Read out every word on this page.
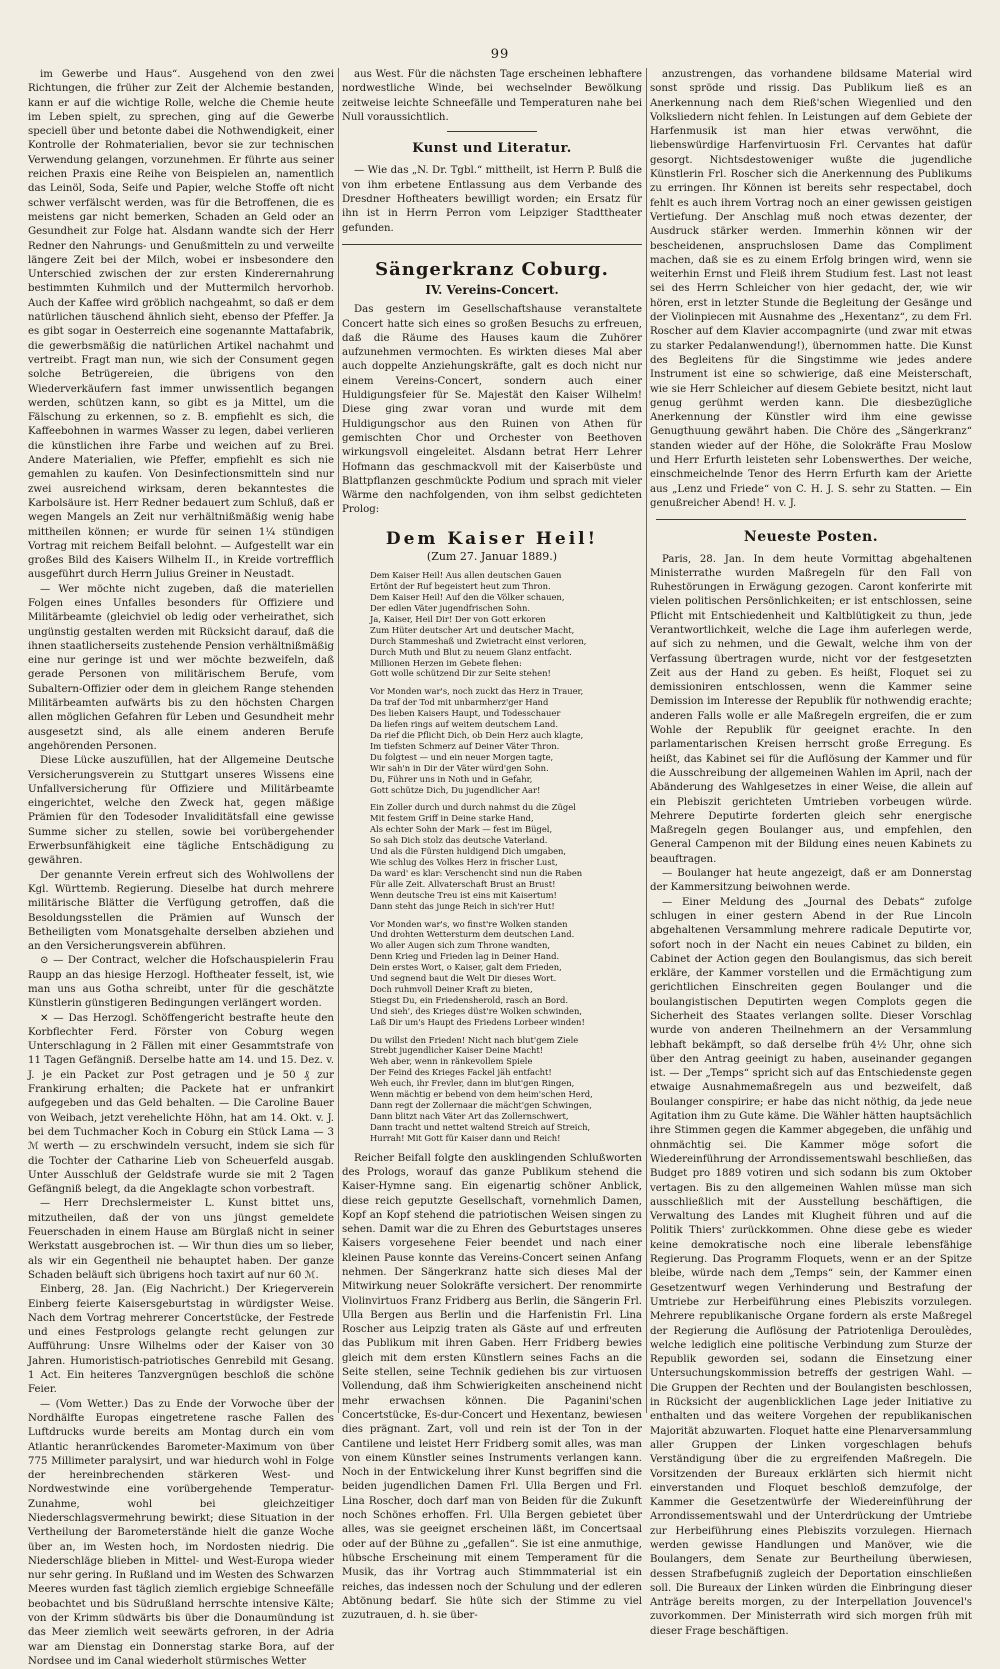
99

im Gewerbe und Haus“. Ausgehend von den zwei Richtungen, die früher zur Zeit der Alchemie bestanden, kann er auf die wichtige Rolle, welche die Chemie heute im Leben spielt, zu sprechen, ging auf die Gewerbe speciell über und betonte dabei die Nothwendigkeit, einer Kontrolle der Rohmaterialien, bevor sie zur technischen Verwendung gelangen, vorzunehmen. Er führte aus seiner reichen Praxis eine Reihe von Beispielen an, namentlich das Leinöl, Soda, Seife und Papier, welche Stoffe oft nicht schwer verfälscht werden, was für die Betroffenen, die es meistens gar nicht bemerken, Schaden an Geld oder an Gesundheit zur Folge hat. Alsdann wandte sich der Herr Redner den Nahrungs- und Genußmitteln zu und verweilte längere Zeit bei der Milch, wobei er insbesondere den Unterschied zwischen der zur ersten Kinderernahrung bestimmten Kuhmilch und der Muttermilch hervorhob. Auch der Kaffee wird gröblich nachgeahmt, so daß er dem natürlichen täuschend ähnlich sieht, ebenso der Pfeffer. Ja es gibt sogar in Oesterreich eine sogenannte Mattafabrik, die gewerbsmäßig die natürlichen Artikel nachahmt und vertreibt. Fragt man nun, wie sich der Consument gegen solche Betrügereien, die übrigens von den Wiederverkäufern fast immer unwissentlich begangen werden, schützen kann, so gibt es ja Mittel, um die Fälschung zu erkennen, so z. B. empfiehlt es sich, die Kaffeebohnen in warmes Wasser zu legen, dabei verlieren die künstlichen ihre Farbe und weichen auf zu Brei. Andere Materialien, wie Pfeffer, empfiehlt es sich nie gemahlen zu kaufen. Von Desinfectionsmitteln sind nur zwei ausreichend wirksam, deren bekanntestes die Karbolsäure ist. Herr Redner bedauert zum Schluß, daß er wegen Mangels an Zeit nur verhältnißmäßig wenig habe mittheilen können; er wurde für seinen 1¼ stündigen Vortrag mit reichem Beifall belohnt. — Aufgestellt war ein großes Bild des Kaisers Wilhelm II., in Kreide vortrefflich ausgeführt durch Herrn Julius Greiner in Neustadt.

— Wer möchte nicht zugeben, daß die materiellen Folgen eines Unfalles besonders für Offiziere und Militärbeamte (gleichviel ob ledig oder verheirathet, sich ungünstig gestalten werden mit Rücksicht darauf, daß die ihnen staatlicherseits zustehende Pension verhältnißmäßig eine nur geringe ist und wer möchte bezweifeln, daß gerade Personen von militärischem Berufe, vom Subaltern-Offizier oder dem in gleichem Range stehenden Militärbeamten aufwärts bis zu den höchsten Chargen allen möglichen Gefahren für Leben und Gesundheit mehr ausgesetzt sind, als alle einem anderen Berufe angehörenden Personen.

Diese Lücke auszufüllen, hat der Allgemeine Deutsche Versicherungsverein zu Stuttgart unseres Wissens eine Unfallversicherung für Offiziere und Militärbeamte eingerichtet, welche den Zweck hat, gegen mäßige Prämien für den Todesoder Invaliditätsfall eine gewisse Summe sicher zu stellen, sowie bei vorübergehender Erwerbsunfähigkeit eine tägliche Entschädigung zu gewähren.

Der genannte Verein erfreut sich des Wohlwollens der Kgl. Württemb. Regierung. Dieselbe hat durch mehrere militärische Blätter die Verfügung getroffen, daß die Besoldungsstellen die Prämien auf Wunsch der Betheiligten vom Monatsgehalte derselben abziehen und an den Versicherungsverein abführen.

⊙ — Der Contract, welcher die Hofschauspielerin Frau Raupp an das hiesige Herzogl. Hoftheater fesselt, ist, wie man uns aus Gotha schreibt, unter für die geschätzte Künstlerin günstigeren Bedingungen verlängert worden.

✕ — Das Herzogl. Schöffengericht bestrafte heute den Korbflechter Ferd. Förster von Coburg wegen Unterschlagung in 2 Fällen mit einer Gesammtstrafe von 11 Tagen Gefängniß. Derselbe hatte am 14. und 15. Dez. v. J. je ein Packet zur Post getragen und je 50 ₰ zur Frankirung erhalten; die Packete hat er unfrankirt aufgegeben und das Geld behalten. — Die Caroline Bauer von Weibach, jetzt verehelichte Höhn, hat am 14. Okt. v. J. bei dem Tuchmacher Koch in Coburg ein Stück Lama — 3 ℳ werth — zu erschwindeln versucht, indem sie sich für die Tochter der Catharine Lieb von Scheuerfeld ausgab. Unter Ausschluß der Geldstrafe wurde sie mit 2 Tagen Gefängniß belegt, da die Angeklagte schon vorbestraft.

— Herr Drechslermeister L. Kunst bittet uns, mitzutheilen, daß der von uns jüngst gemeldete Feuerschaden in einem Hause am Bürglaß nicht in seiner Werkstatt ausgebrochen ist. — Wir thun dies um so lieber, als wir ein Gegentheil nie behauptet haben. Der ganze Schaden beläuft sich übrigens hoch taxirt auf nur 60 ℳ.

Einberg, 28. Jan. (Eig Nachricht.) Der Kriegerverein Einberg feierte Kaisersgeburtstag in würdigster Weise. Nach dem Vortrag mehrerer Concertstücke, der Festrede und eines Festprologs gelangte recht gelungen zur Aufführung: Unsre Wilhelms oder der Kaiser von 30 Jahren. Humoristisch-patriotisches Genrebild mit Gesang. 1 Act. Ein heiteres Tanzvergnügen beschloß die schöne Feier.

— (Vom Wetter.) Das zu Ende der Vorwoche über der Nordhälfte Europas eingetretene rasche Fallen des Luftdrucks wurde bereits am Montag durch ein vom Atlantic heranrückendes Barometer-Maximum von über 775 Millimeter paralysirt, und war hiedurch wohl in Folge der hereinbrechenden stärkeren West- und Nordwestwinde eine vorübergehende Temperatur-Zunahme, wohl bei gleichzeitiger Niederschlagsvermehrung bewirkt; diese Situation in der Vertheilung der Barometerstände hielt die ganze Woche über an, im Westen hoch, im Nordosten niedrig. Die Niederschläge blieben in Mittel- und West-Europa wieder nur sehr gering. In Rußland und im Westen des Schwarzen Meeres wurden fast täglich ziemlich ergiebige Schneefälle beobachtet und bis Südrußland herrschte intensive Kälte; von der Krimm südwärts bis über die Donaumündung ist das Meer ziemlich weit seewärts gefroren, in der Adria war am Dienstag ein Donnerstag starke Bora, auf der Nordsee und im Canal wiederholt stürmisches Wetter

aus West. Für die nächsten Tage erscheinen lebhaftere nordwestliche Winde, bei wechselnder Bewölkung zeitweise leichte Schneefälle und Temperaturen nahe bei Null voraussichtlich.

Kunst und Literatur.

— Wie das „N. Dr. Tgbl.“ mittheilt, ist Herrn P. Bulß die von ihm erbetene Entlassung aus dem Verbande des Dresdner Hoftheaters bewilligt worden; ein Ersatz für ihn ist in Herrn Perron vom Leipziger Stadttheater gefunden.

Sängerkranz Coburg.
IV. Vereins-Concert.

Das gestern im Gesellschaftshause veranstaltete Concert hatte sich eines so großen Besuchs zu erfreuen, daß die Räume des Hauses kaum die Zuhörer aufzunehmen vermochten. Es wirkten dieses Mal aber auch doppelte Anziehungskräfte, galt es doch nicht nur einem Vereins-Concert, sondern auch einer Huldigungsfeier für Se. Majestät den Kaiser Wilhelm! Diese ging zwar voran und wurde mit dem Huldigungschor aus den Ruinen von Athen für gemischten Chor und Orchester von Beethoven wirkungsvoll eingeleitet. Alsdann betrat Herr Lehrer Hofmann das geschmackvoll mit der Kaiserbüste und Blattpflanzen geschmückte Podium und sprach mit vieler Wärme den nachfolgenden, von ihm selbst gedichteten Prolog:

Dem Kaiser Heil!
(Zum 27. Januar 1889.)
Dem Kaiser Heil! Aus allen deutschen Gauen
Ertönt der Ruf begeistert heut zum Thron.
Dem Kaiser Heil! Auf den die Völker schauen,
Der edlen Väter jugendfrischen Sohn.
Ja, Kaiser, Heil Dir! Der von Gott erkoren
Zum Hüter deutscher Art und deutscher Macht,
Durch Stammeshaß und Zwietracht einst verloren,
Durch Muth und Blut zu neuem Glanz entfacht.
Millionen Herzen im Gebete flehen:
Gott wolle schützend Dir zur Seite stehen!
Vor Monden war's, noch zuckt das Herz in Trauer,
Da traf der Tod mit unbarmherz'ger Hand
Des lieben Kaisers Haupt, und Todesschauer
Da liefen rings auf weitem deutschem Land.
Da rief die Pflicht Dich, ob Dein Herz auch klagte,
Im tiefsten Schmerz auf Deiner Väter Thron.
Du folgtest — und ein neuer Morgen tagte,
Wir sah'n in Dir der Väter würd'gen Sohn.
Du, Führer uns in Noth und in Gefahr,
Gott schütze Dich, Du jugendlicher Aar!
Ein Zoller durch und durch nahmst du die Zügel
Mit festem Griff in Deine starke Hand,
Als echter Sohn der Mark — fest im Bügel,
So sah Dich stolz das deutsche Vaterland.
Und als die Fürsten huldigend Dich umgaben,
Wie schlug des Volkes Herz in frischer Lust,
Da ward' es klar: Verschencht sind nun die Raben
Für alle Zeit. Allvaterschaft Brust an Brust!
Wenn deutsche Treu ist eins mit Kaisertum!
Dann steht das junge Reich in sich'rer Hut!
Vor Monden war's, wo finst're Wolken standen
Und drohten Wettersturm dem deutschen Land.
Wo aller Augen sich zum Throne wandten,
Denn Krieg und Frieden lag in Deiner Hand.
Dein erstes Wort, o Kaiser, galt dem Frieden,
Und segnend baut die Welt Dir dieses Wort.
Doch ruhmvoll Deiner Kraft zu bieten,
Stiegst Du, ein Friedensherold, rasch an Bord.
Und sieh', des Krieges düst're Wolken schwinden,
Laß Dir um's Haupt des Friedens Lorbeer winden!
Du willst den Frieden! Nicht nach blut'gem Ziele
Strebt jugendlicher Kaiser Deine Macht!
Weh aber, wenn in ränkevollem Spiele
Der Feind des Krieges Fackel jäh entfacht!
Weh euch, ihr Frevler, dann im blut'gen Ringen,
Wenn mächtig er bebend von dem heim'schen Herd,
Dann regt der Zollernaar die mächt'gen Schwingen,
Dann blitzt nach Väter Art das Zollernschwert,
Dann tracht und nettet waltend Streich auf Streich,
Hurrah! Mit Gott für Kaiser dann und Reich!

Reicher Beifall folgte den ausklingenden Schlußworten des Prologs, worauf das ganze Publikum stehend die Kaiser-Hymne sang. Ein eigenartig schöner Anblick, diese reich geputzte Gesellschaft, vornehmlich Damen, Kopf an Kopf stehend die patriotischen Weisen singen zu sehen. Damit war die zu Ehren des Geburtstages unseres Kaisers vorgesehene Feier beendet und nach einer kleinen Pause konnte das Vereins-Concert seinen Anfang nehmen. Der Sängerkranz hatte sich dieses Mal der Mitwirkung neuer Solokräfte versichert. Der renommirte Violinvirtuos Franz Fridberg aus Berlin, die Sängerin Frl. Ulla Bergen aus Berlin und die Harfenistin Frl. Lina Roscher aus Leipzig traten als Gäste auf und erfreuten das Publikum mit ihren Gaben. Herr Fridberg bewies gleich mit dem ersten Künstlern seines Fachs an die Seite stellen, seine Technik gediehen bis zur virtuosen Vollendung, daß ihm Schwierigkeiten anscheinend nicht mehr erwachsen können. Die Paganini'schen Concertstücke, Es-dur-Concert und Hexentanz, bewiesen dies prägnant. Zart, voll und rein ist der Ton in der Cantilene und leistet Herr Fridberg somit alles, was man von einem Künstler seines Instruments verlangen kann. Noch in der Entwickelung ihrer Kunst begriffen sind die beiden jugendlichen Damen Frl. Ulla Bergen und Frl. Lina Roscher, doch darf man von Beiden für die Zukunft noch Schönes erhoffen. Frl. Ulla Bergen gebietet über alles, was sie geeignet erscheinen läßt, im Concertsaal oder auf der Bühne zu „gefallen“. Sie ist eine anmuthige, hübsche Erscheinung mit einem Temperament für die Musik, das ihr Vortrag auch Stimmmaterial ist ein reiches, das indessen noch der Schulung und der edleren Abtönung bedarf. Sie hüte sich der Stimme zu viel zuzutrauen, d. h. sie über-

anzustrengen, das vorhandene bildsame Material wird sonst spröde und rissig. Das Publikum ließ es an Anerkennung nach dem Rieß'schen Wiegenlied und den Volksliedern nicht fehlen. In Leistungen auf dem Gebiete der Harfenmusik ist man hier etwas verwöhnt, die liebenswürdige Harfenvirtuosin Frl. Cervantes hat dafür gesorgt. Nichtsdestoweniger wußte die jugendliche Künstlerin Frl. Roscher sich die Anerkennung des Publikums zu erringen. Ihr Können ist bereits sehr respectabel, doch fehlt es auch ihrem Vortrag noch an einer gewissen geistigen Vertiefung. Der Anschlag muß noch etwas dezenter, der Ausdruck stärker werden. Immerhin können wir der bescheidenen, anspruchslosen Dame das Compliment machen, daß sie es zu einem Erfolg bringen wird, wenn sie weiterhin Ernst und Fleiß ihrem Studium fest. Last not least sei des Herrn Schleicher von hier gedacht, der, wie wir hören, erst in letzter Stunde die Begleitung der Gesänge und der Violinpiecen mit Ausnahme des „Hexentanz“, zu dem Frl. Roscher auf dem Klavier accompagnirte (und zwar mit etwas zu starker Pedalanwendung!), übernommen hatte. Die Kunst des Begleitens für die Singstimme wie jedes andere Instrument ist eine so schwierige, daß eine Meisterschaft, wie sie Herr Schleicher auf diesem Gebiete besitzt, nicht laut genug gerühmt werden kann. Die diesbezügliche Anerkennung der Künstler wird ihm eine gewisse Genugthuung gewährt haben. Die Chöre des „Sängerkranz“ standen wieder auf der Höhe, die Solokräfte Frau Moslow und Herr Erfurth leisteten sehr Lobenswerthes. Der weiche, einschmeichelnde Tenor des Herrn Erfurth kam der Ariette aus „Lenz und Friede“ von C. H. J. S. sehr zu Statten. — Ein genußreicher Abend! H. v. J.

Neueste Posten.

Paris, 28. Jan. In dem heute Vormittag abgehaltenen Ministerrathe wurden Maßregeln für den Fall von Ruhestörungen in Erwägung gezogen. Caront konferirte mit vielen politischen Persönlichkeiten; er ist entschlossen, seine Pflicht mit Entschiedenheit und Kaltblütigkeit zu thun, jede Verantwortlichkeit, welche die Lage ihm auferlegen werde, auf sich zu nehmen, und die Gewalt, welche ihm von der Verfassung übertragen wurde, nicht vor der festgesetzten Zeit aus der Hand zu geben. Es heißt, Floquet sei zu demissioniren entschlossen, wenn die Kammer seine Demission im Interesse der Republik für nothwendig erachte; anderen Falls wolle er alle Maßregeln ergreifen, die er zum Wohle der Republik für geeignet erachte. In den parlamentarischen Kreisen herrscht große Erregung. Es heißt, das Kabinet sei für die Auflösung der Kammer und für die Ausschreibung der allgemeinen Wahlen im April, nach der Abänderung des Wahlgesetzes in einer Weise, die allein auf ein Plebiszit gerichteten Umtrieben vorbeugen würde. Mehrere Deputirte forderten gleich sehr energische Maßregeln gegen Boulanger aus, und empfehlen, den General Campenon mit der Bildung eines neuen Kabinets zu beauftragen.

— Boulanger hat heute angezeigt, daß er am Donnerstag der Kammersitzung beiwohnen werde.

— Einer Meldung des „Journal des Debats“ zufolge schlugen in einer gestern Abend in der Rue Lincoln abgehaltenen Versammlung mehrere radicale Deputirte vor, sofort noch in der Nacht ein neues Cabinet zu bilden, ein Cabinet der Action gegen den Boulangismus, das sich bereit erkläre, der Kammer vorstellen und die Ermächtigung zum gerichtlichen Einschreiten gegen Boulanger und die boulangistischen Deputirten wegen Complots gegen die Sicherheit des Staates verlangen sollte. Dieser Vorschlag wurde von anderen Theilnehmern an der Versammlung lebhaft bekämpft, so daß derselbe früh 4½ Uhr, ohne sich über den Antrag geeinigt zu haben, auseinander gegangen ist. — Der „Temps“ spricht sich auf das Entschiedenste gegen etwaige Ausnahmemaßregeln aus und bezweifelt, daß Boulanger conspirire; er habe das nicht nöthig, da jede neue Agitation ihm zu Gute käme. Die Wähler hätten hauptsächlich ihre Stimmen gegen die Kammer abgegeben, die unfähig und ohnmächtig sei. Die Kammer möge sofort die Wiedereinführung der Arrondissementswahl beschließen, das Budget pro 1889 votiren und sich sodann bis zum Oktober vertagen. Bis zu den allgemeinen Wahlen müsse man sich ausschließlich mit der Ausstellung beschäftigen, die Verwaltung des Landes mit Klugheit führen und auf die Politik Thiers' zurückkommen. Ohne diese gebe es wieder keine demokratische noch eine liberale lebensfähige Regierung. Das Programm Floquets, wenn er an der Spitze bleibe, würde nach dem „Temps“ sein, der Kammer einen Gesetzentwurf wegen Verhinderung und Bestrafung der Umtriebe zur Herbeiführung eines Plebiszits vorzulegen. Mehrere republikanische Organe fordern als erste Maßregel der Regierung die Auflösung der Patriotenliga Deroulèdes, welche lediglich eine politische Verbindung zum Sturze der Republik geworden sei, sodann die Einsetzung einer Untersuchungskommission betreffs der gestrigen Wahl. — Die Gruppen der Rechten und der Boulangisten beschlossen, in Rücksicht der augenblicklichen Lage jeder Initiative zu enthalten und das weitere Vorgehen der republikanischen Majorität abzuwarten. Floquet hatte eine Plenarversammlung aller Gruppen der Linken vorgeschlagen behufs Verständigung über die zu ergreifenden Maßregeln. Die Vorsitzenden der Bureaux erklärten sich hiermit nicht einverstanden und Floquet beschloß demzufolge, der Kammer die Gesetzentwürfe der Wiedereinführung der Arrondissementswahl und der Unterdrückung der Umtriebe zur Herbeiführung eines Plebiszits vorzulegen. Hiernach werden gewisse Handlungen und Manöver, wie die Boulangers, dem Senate zur Beurtheilung überwiesen, dessen Strafbefugniß zugleich der Deportation einschließen soll. Die Bureaux der Linken würden die Einbringung dieser Anträge bereits morgen, zu der Interpellation Jouvencel's zuvorkommen. Der Ministerrath wird sich morgen früh mit dieser Frage beschäftigen.
